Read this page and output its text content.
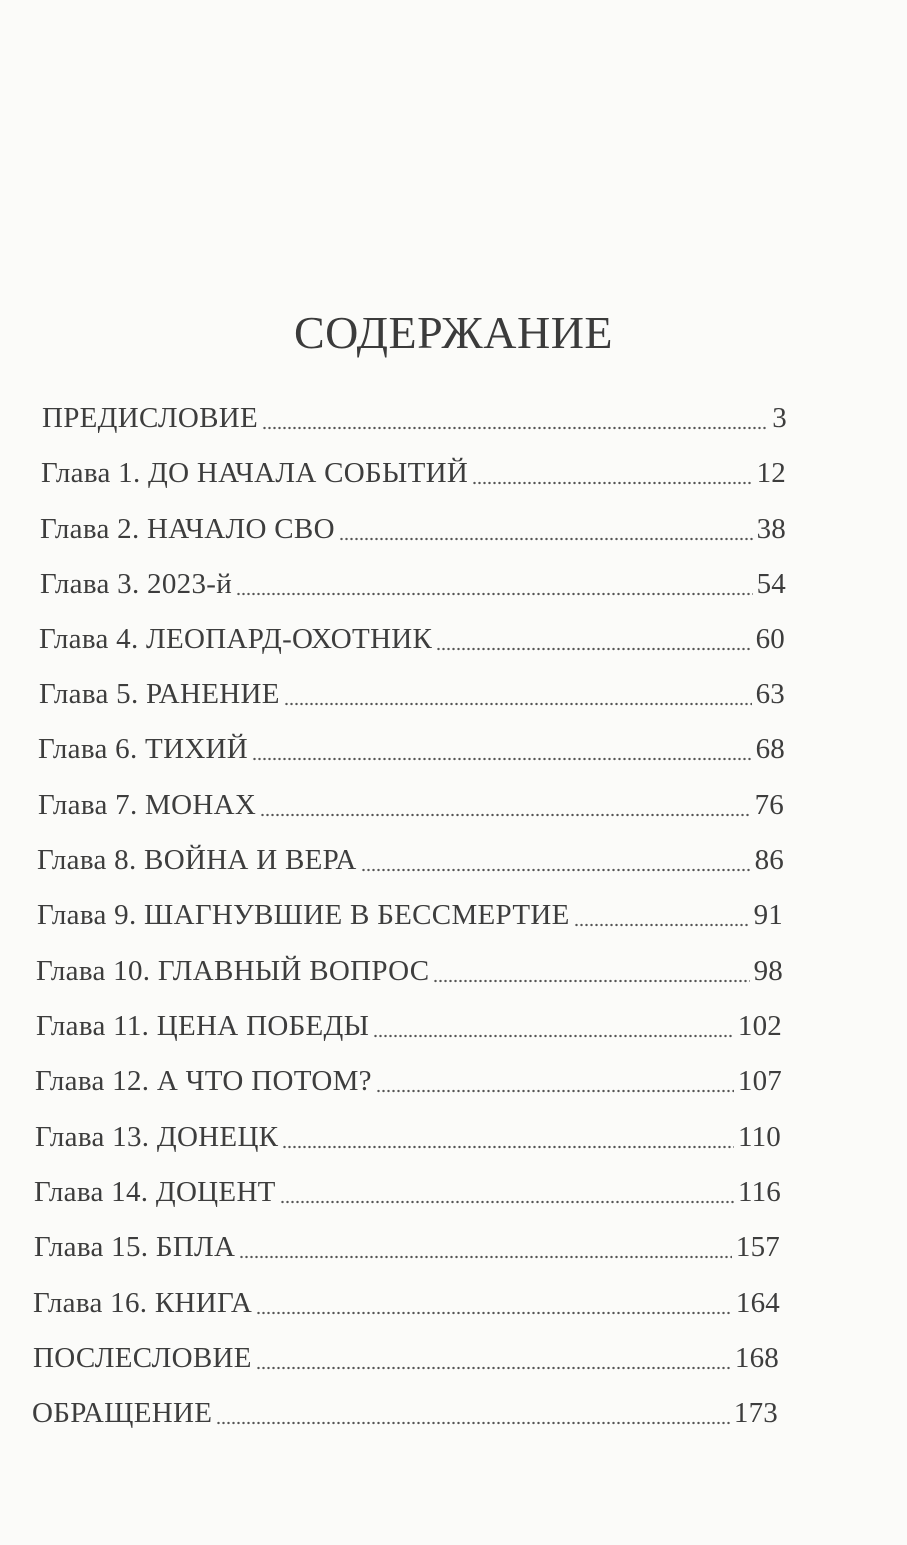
СОДЕРЖАНИЕ
ПРЕДИСЛОВИЕ	3
Глава 1. ДО НАЧАЛА СОБЫТИЙ	12
Глава 2. НАЧАЛО СВО	38
Глава 3. 2023-й	54
Глава 4. ЛЕОПАРД-ОХОТНИК	60
Глава 5. РАНЕНИЕ	63
Глава 6. ТИХИЙ	68
Глава 7. МОНАХ	76
Глава 8. ВОЙНА И ВЕРА	86
Глава 9. ШАГНУВШИЕ В БЕССМЕРТИЕ	91
Глава 10. ГЛАВНЫЙ ВОПРОС	98
Глава 11. ЦЕНА ПОБЕДЫ	102
Глава 12. А ЧТО ПОТОМ?	107
Глава 13. ДОНЕЦК	110
Глава 14. ДОЦЕНТ	116
Глава 15. БПЛА	157
Глава 16. КНИГА	164
ПОСЛЕСЛОВИЕ	168
ОБРАЩЕНИЕ	173
